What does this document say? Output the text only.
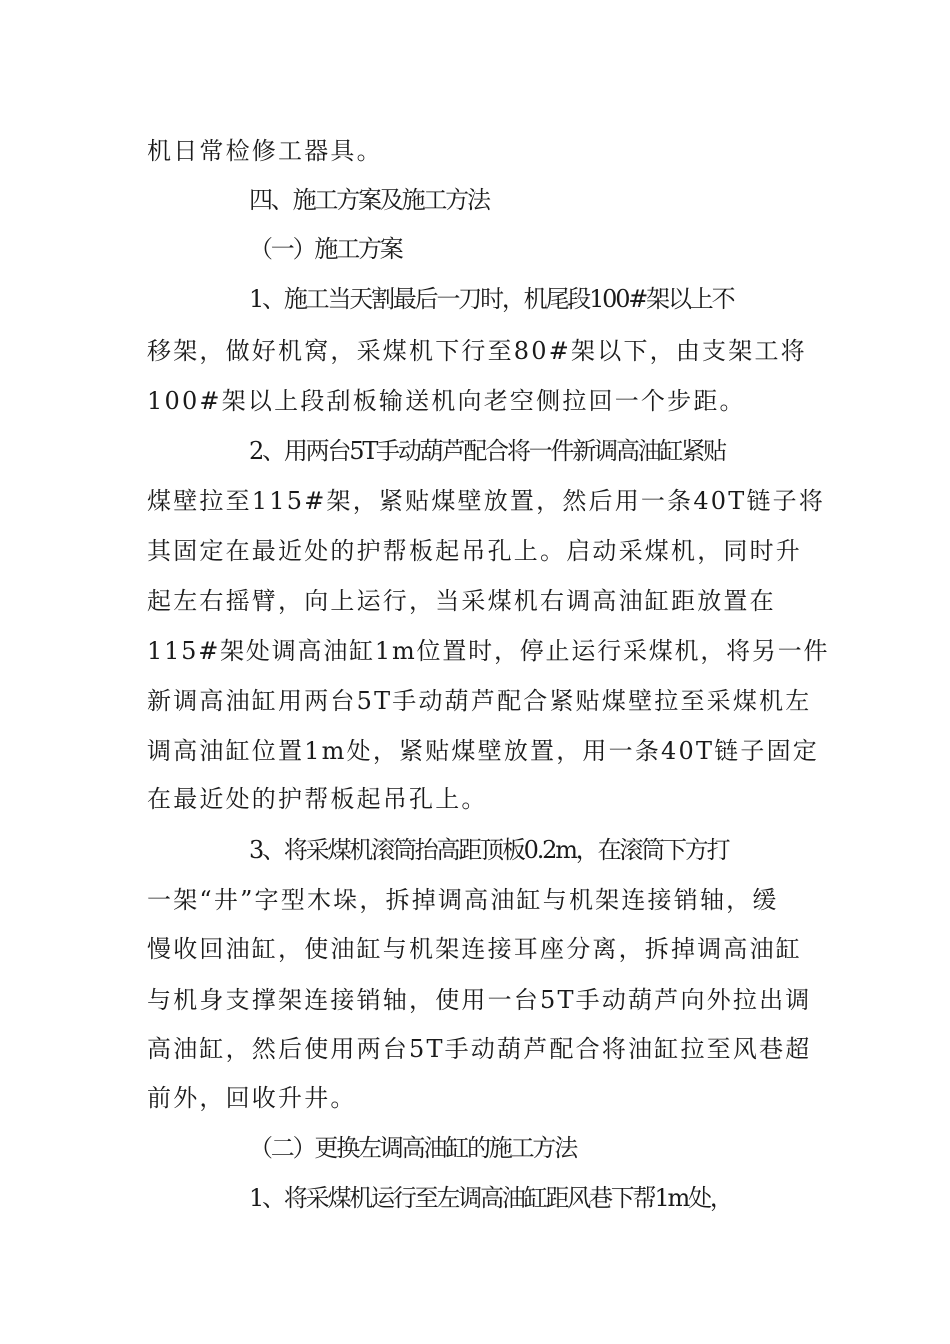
机日常检修工器具。
四、施工方案及施工方法
（一）施工方案
1、施工当天割最后一刀时，机尾段100#架以上不
移架，做好机窝，采煤机下行至80#架以下，由支架工将
100#架以上段刮板输送机向老空侧拉回一个步距。
2、用两台5T手动葫芦配合将一件新调高油缸紧贴
煤壁拉至115#架，紧贴煤壁放置，然后用一条40T链子将
其固定在最近处的护帮板起吊孔上。启动采煤机，同时升
起左右摇臂，向上运行，当采煤机右调高油缸距放置在
115#架处调高油缸1m位置时，停止运行采煤机，将另一件
新调高油缸用两台5T手动葫芦配合紧贴煤壁拉至采煤机左
调高油缸位置1m处，紧贴煤壁放置，用一条40T链子固定
在最近处的护帮板起吊孔上。
3、将采煤机滚筒抬高距顶板0.2m，在滚筒下方打
一架“井”字型木垛，拆掉调高油缸与机架连接销轴，缓
慢收回油缸，使油缸与机架连接耳座分离，拆掉调高油缸
与机身支撑架连接销轴，使用一台5T手动葫芦向外拉出调
高油缸，然后使用两台5T手动葫芦配合将油缸拉至风巷超
前外，回收升井。
（二）更换左调高油缸的施工方法
1、将采煤机运行至左调高油缸距风巷下帮1m处，
